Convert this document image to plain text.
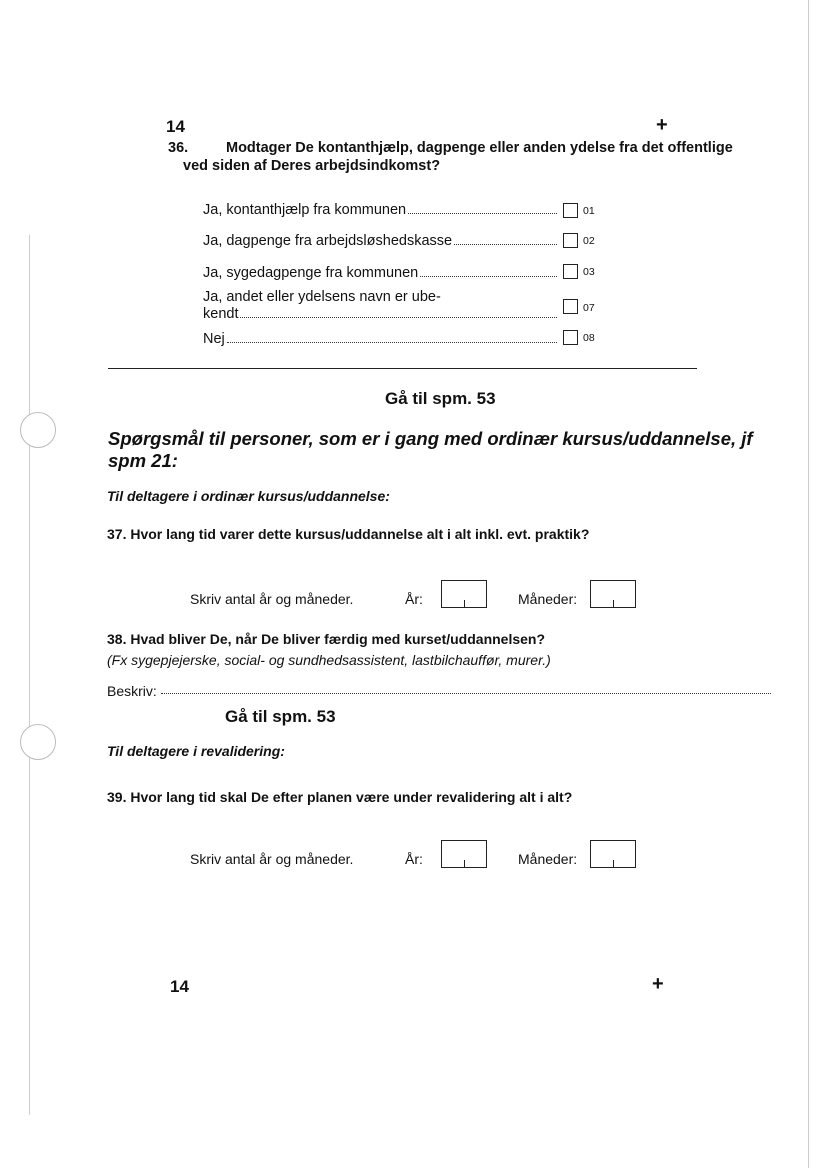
14	+
36.	Modtager De kontanthjælp, dagpenge eller anden ydelse fra det offentlige
ved siden af Deres arbejdsindkomst?
Ja, kontanthjælp fra kommunen	01
Ja, dagpenge fra arbejdsløshedskasse	02
Ja, sygedagpenge fra kommunen	03
Ja, andet eller ydelsens navn er ube-
kendt	07
Nej	08
Gå til spm. 53
Spørgsmål til personer, som er i gang med ordinær kursus/uddannelse, jf
spm 21:
Til deltagere i ordinær kursus/uddannelse:
37. Hvor lang tid varer dette kursus/uddannelse alt i alt inkl. evt. praktik?
Skriv antal år og måneder.	År:	Måneder:
38. Hvad bliver De, når De bliver færdig med kurset/uddannelsen?
(Fx sygepjejerske, social- og sundhedsassistent, lastbilchauffør, murer.)
Beskriv:
Gå til spm. 53
Til deltagere i revalidering:
39. Hvor lang tid skal De efter planen være under revalidering alt i alt?
Skriv antal år og måneder.	År:	Måneder:
14	+
